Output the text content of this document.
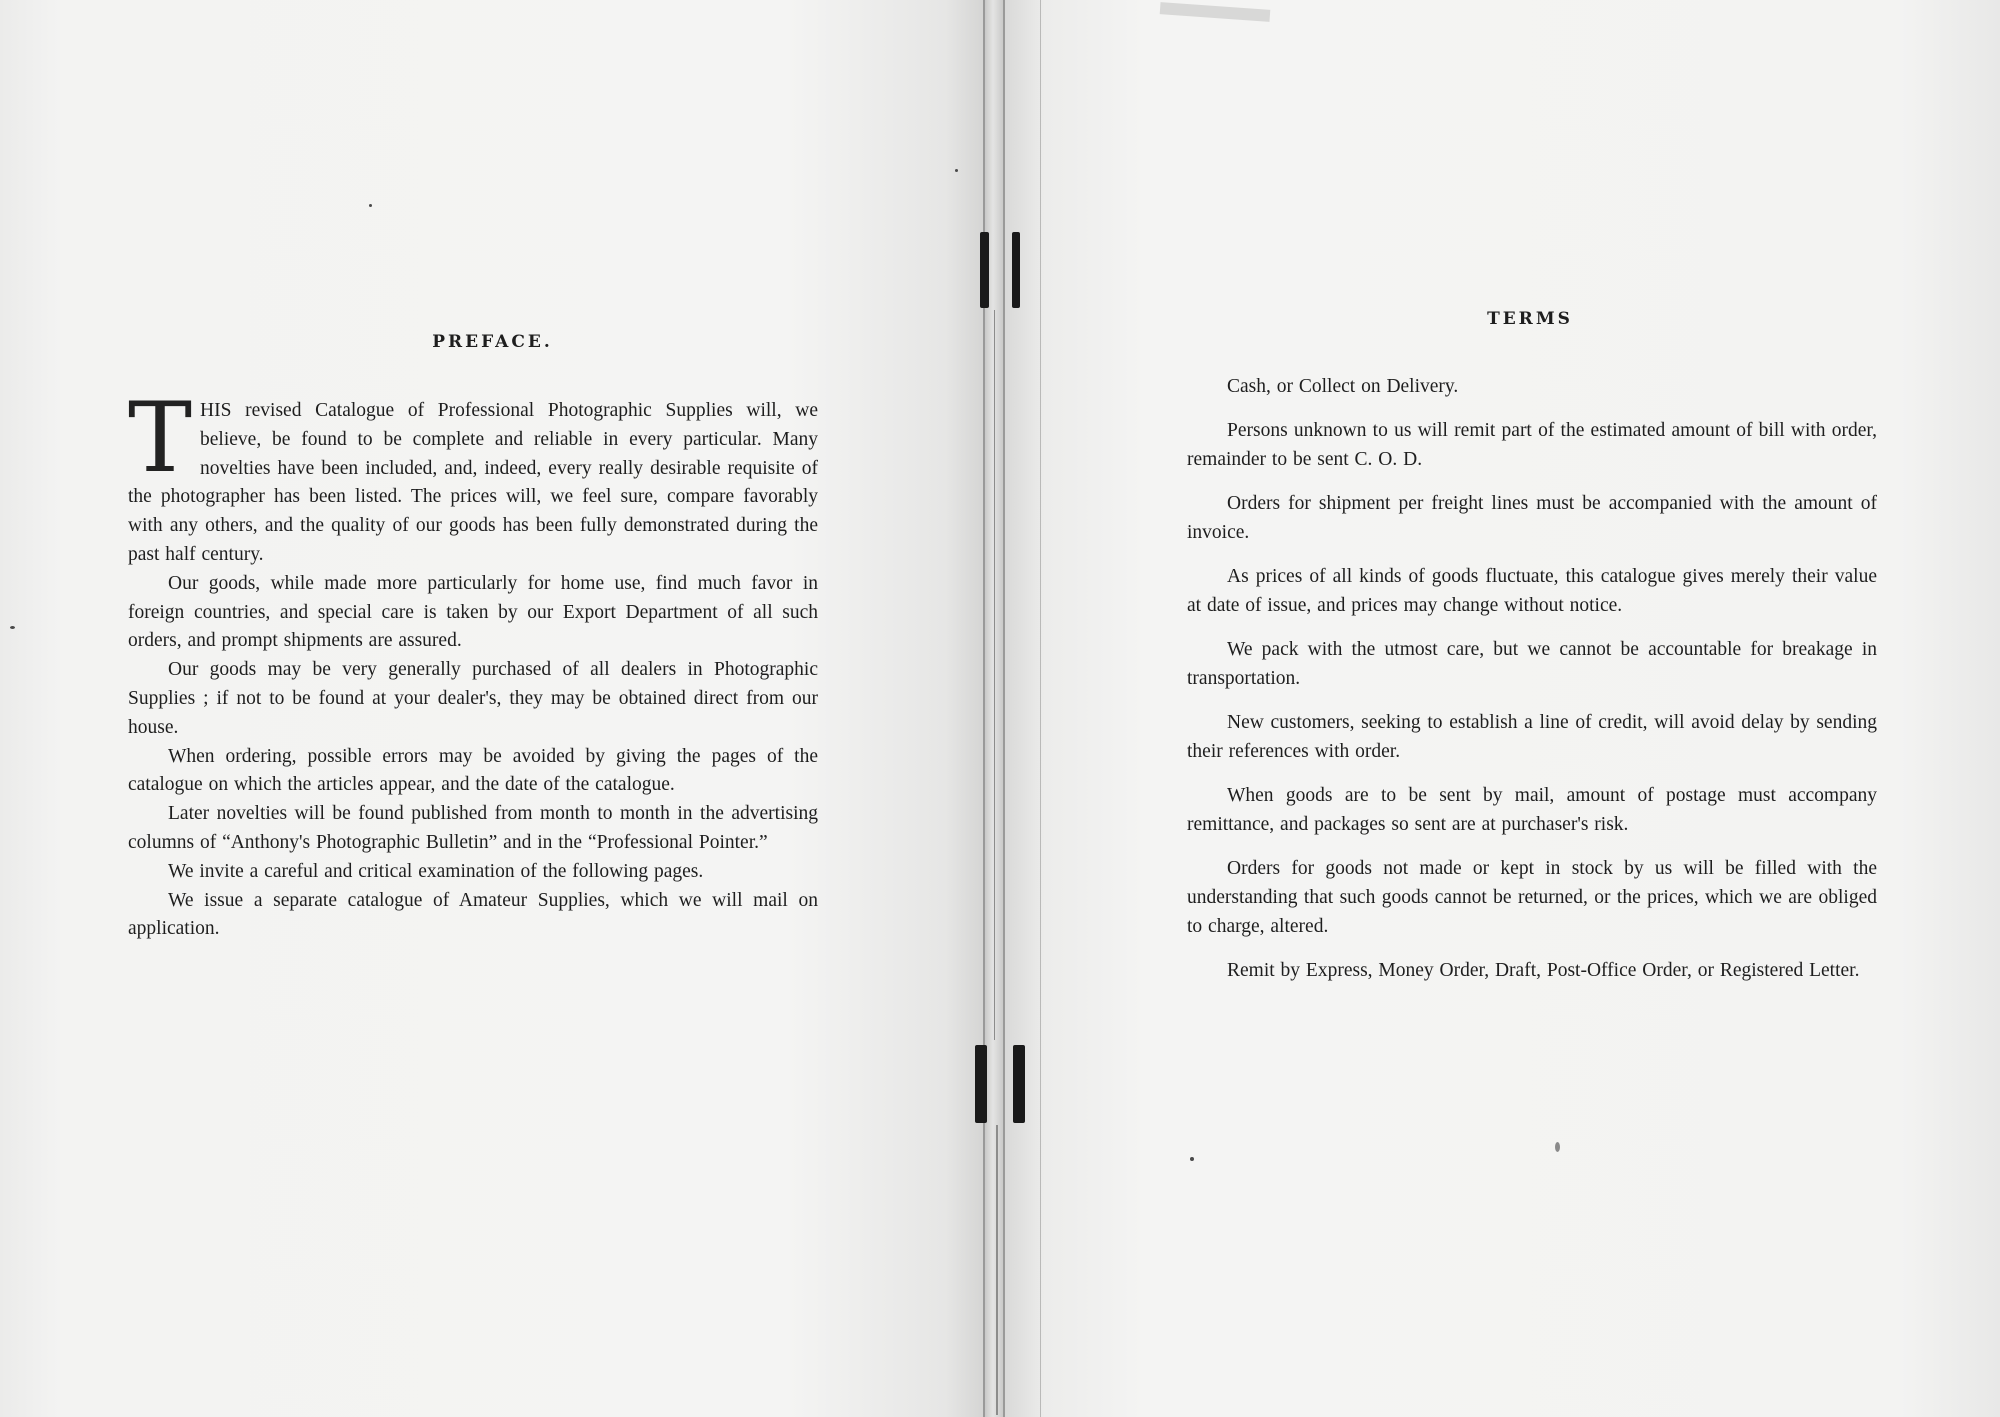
PREFACE.

THIS revised Catalogue of Professional Photographic Supplies will, we believe, be found to be complete and reliable in every particular. Many novelties have been included, and, indeed, every really desirable requisite of the photographer has been listed. The prices will, we feel sure, compare favorably with any others, and the quality of our goods has been fully demonstrated during the past half century.

Our goods, while made more particularly for home use, find much favor in foreign countries, and special care is taken by our Export Department of all such orders, and prompt shipments are assured.

Our goods may be very generally purchased of all dealers in Photographic Supplies ; if not to be found at your dealer's, they may be obtained direct from our house.

When ordering, possible errors may be avoided by giving the pages of the catalogue on which the articles appear, and the date of the catalogue.

Later novelties will be found published from month to month in the advertising columns of “Anthony's Photographic Bulletin” and in the “Professional Pointer.”

We invite a careful and critical examination of the following pages.

We issue a separate catalogue of Amateur Supplies, which we will mail on application.

TERMS

Cash, or Collect on Delivery.

Persons unknown to us will remit part of the estimated amount of bill with order, remainder to be sent C. O. D.

Orders for shipment per freight lines must be accompanied with the amount of invoice.

As prices of all kinds of goods fluctuate, this catalogue gives merely their value at date of issue, and prices may change without notice.

We pack with the utmost care, but we cannot be accountable for breakage in transportation.

New customers, seeking to establish a line of credit, will avoid delay by sending their references with order.

When goods are to be sent by mail, amount of postage must accompany remittance, and packages so sent are at purchaser's risk.

Orders for goods not made or kept in stock by us will be filled with the understanding that such goods cannot be returned, or the prices, which we are obliged to charge, altered.

Remit by Express, Money Order, Draft, Post-Office Order, or Registered Letter.
